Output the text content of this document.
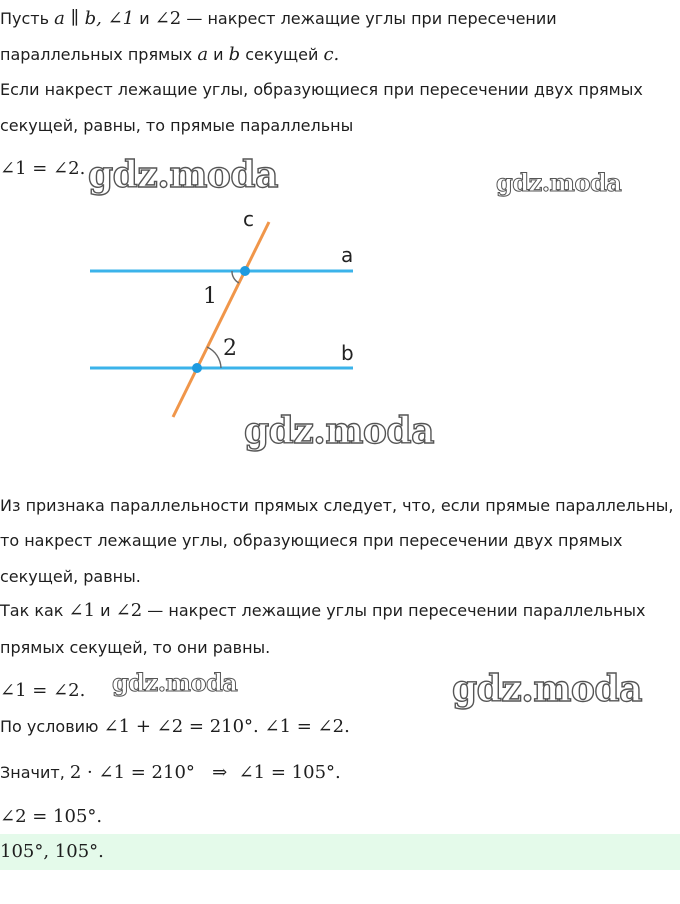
Пусть a ∥ b, ∠1 и ∠2 — накрест лежащие углы при пересечении
параллельных прямых a и b секущей c.
Если накрест лежащие углы, образующиеся при пересечении двух прямых
секущей, равны, то прямые параллельны
∠1 = ∠2. gdz.moda	gdz.moda
gdz.moda
gdz.moda	gdz.moda
c
a
b
1
2
Из признака параллельности прямых следует, что, если прямые параллельны,
то накрест лежащие углы, образующиеся при пересечении двух прямых
секущей, равны.
Так как ∠1 и ∠2 — накрест лежащие углы при пересечении параллельных
прямых секущей, то они равны.
∠1 = ∠2.
По условию ∠1 + ∠2 = 210°. ∠1 = ∠2.
Значит, 2 · ∠1 = 210°   ⇒  ∠1 = 105°.
∠2 = 105°.
105°, 105°.
